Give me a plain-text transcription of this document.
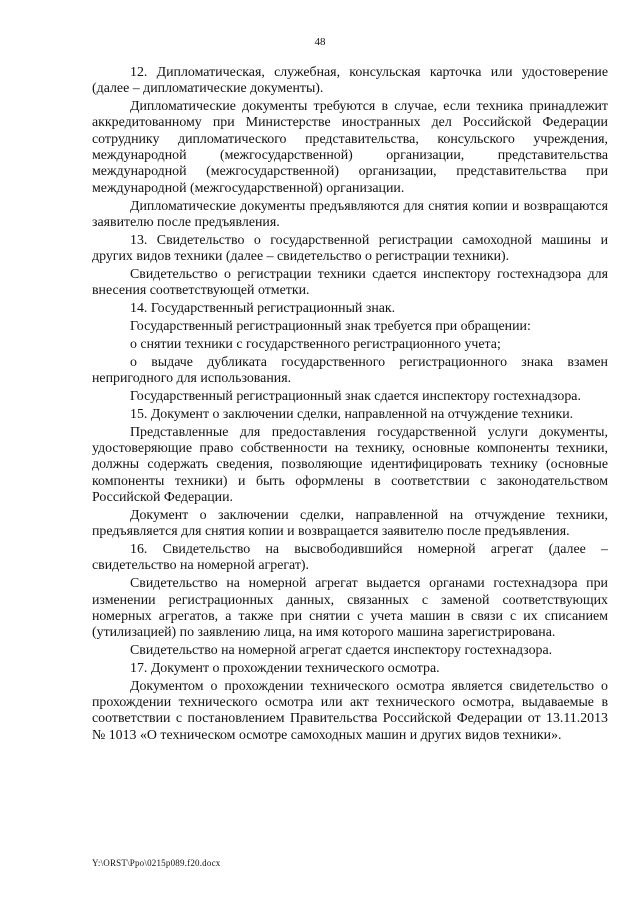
48

12. Дипломатическая, служебная, консульская карточка или удостоверение (далее – дипломатические документы).

Дипломатические документы требуются в случае, если техника принадлежит аккредитованному при Министерстве иностранных дел Российской Федерации сотруднику дипломатического представительства, консульского учреждения, международной (межгосударственной) организации, представительства международной (межгосударственной) организации, представительства при международной (межгосударственной) организации.

Дипломатические документы предъявляются для снятия копии и возвращаются заявителю после предъявления.

13. Свидетельство о государственной регистрации самоходной машины и других видов техники (далее – свидетельство о регистрации техники).

Свидетельство о регистрации техники сдается инспектору гостехнадзора для внесения соответствующей отметки.

14. Государственный регистрационный знак.

Государственный регистрационный знак требуется при обращении:

о снятии техники с государственного регистрационного учета;

о выдаче дубликата государственного регистрационного знака взамен непригодного для использования.

Государственный регистрационный знак сдается инспектору гостехнадзора.

15. Документ о заключении сделки, направленной на отчуждение техники.

Представленные для предоставления государственной услуги документы, удостоверяющие право собственности на технику, основные компоненты техники, должны содержать сведения, позволяющие идентифицировать технику (основные компоненты техники) и быть оформлены в соответствии с законодательством Российской Федерации.

Документ о заключении сделки, направленной на отчуждение техники, предъявляется для снятия копии и возвращается заявителю после предъявления.

16. Свидетельство на высвободившийся номерной агрегат (далее – свидетельство на номерной агрегат).

Свидетельство на номерной агрегат выдается органами гостехнадзора при изменении регистрационных данных, связанных с заменой соответствующих номерных агрегатов, а также при снятии с учета машин в связи с их списанием (утилизацией) по заявлению лица, на имя которого машина зарегистрирована.

Свидетельство на номерной агрегат сдается инспектору гостехнадзора.

17. Документ о прохождении технического осмотра.

Документом о прохождении технического осмотра является свидетельство о прохождении технического осмотра или акт технического осмотра, выдаваемые в соответствии с постановлением Правительства Российской Федерации от 13.11.2013 № 1013 «О техническом осмотре самоходных машин и других видов техники».

Y:\ORST\Ppo\0215p089.f20.docx
